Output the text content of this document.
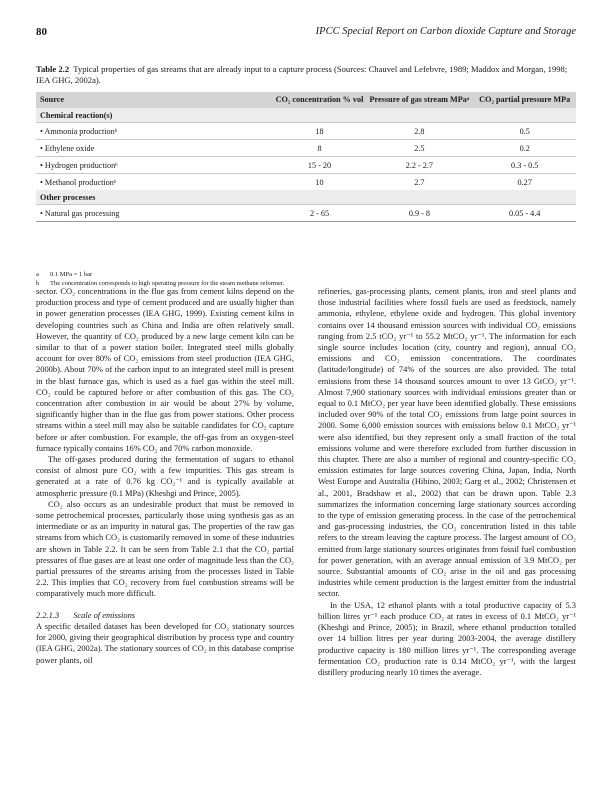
80	IPCC Special Report on Carbon dioxide Capture and Storage
Table 2.2 Typical properties of gas streams that are already input to a capture process (Sources: Chauvel and Lefebvre, 1989; Maddox and Morgan, 1998; IEA GHG, 2002a).
Source	CO₂ concentration % vol	Pressure of gas stream MPaᵃ	CO₂ partial pressure MPa
Chemical reaction(s)			
• Ammonia productionᵇ	18	2.8	0.5
• Ethylene oxide	8	2.5	0.2
• Hydrogen productionᵇ	15 - 20	2.2 - 2.7	0.3 - 0.5
• Methanol productionᵇ	10	2.7	0.27
Other processes			
• Natural gas processing	2 - 65	0.9 - 8	0.05 - 4.4
a	0.1 MPa = 1 bar
b	The concentration corresponds to high operating pressure for the steam methane reformer.

sector. CO₂ concentrations in the flue gas from cement kilns depend on the production process and type of cement produced and are usually higher than in power generation processes (IEA GHG, 1999). Existing cement kilns in developing countries such as China and India are often relatively small. However, the quantity of CO₂ produced by a new large cement kiln can be similar to that of a power station boiler. Integrated steel mills globally account for over 80% of CO₂ emissions from steel production (IEA GHG, 2000b). About 70% of the carbon input to an integrated steel mill is present in the blast furnace gas, which is used as a fuel gas within the steel mill. CO₂ could be captured before or after combustion of this gas. The CO₂ concentration after combustion in air would be about 27% by volume, significantly higher than in the flue gas from power stations. Other process streams within a steel mill may also be suitable candidates for CO₂ capture before or after combustion. For example, the off-gas from an oxygen-steel furnace typically contains 16% CO₂ and 70% carbon monoxide.

The off-gases produced during the fermentation of sugars to ethanol consist of almost pure CO₂ with a few impurities. This gas stream is generated at a rate of 0.76 kg CO₂⁻¹ and is typically available at atmospheric pressure (0.1 MPa) (Kheshgi and Prince, 2005).

CO₂ also occurs as an undesirable product that must be removed in some petrochemical processes, particularly those using synthesis gas as an intermediate or as an impurity in natural gas. The properties of the raw gas streams from which CO₂ is customarily removed in some of these industries are shown in Table 2.2. It can be seen from Table 2.1 that the CO₂ partial pressures of flue gases are at least one order of magnitude less than the CO₂ partial pressures of the streams arising from the processes listed in Table 2.2. This implies that CO₂ recovery from fuel combustion streams will be comparatively much more difficult.

2.2.1.3 Scale of emissions

A specific detailed dataset has been developed for CO₂ stationary sources for 2000, giving their geographical distribution by process type and country (IEA GHG, 2002a). The stationary sources of CO₂ in this database comprise power plants, oil

refineries, gas-processing plants, cement plants, iron and steel plants and those industrial facilities where fossil fuels are used as feedstock, namely ammonia, ethylene, ethylene oxide and hydrogen. This global inventory contains over 14 thousand emission sources with individual CO₂ emissions ranging from 2.5 tCO₂ yr⁻¹ to 55.2 MtCO₂ yr⁻¹. The information for each single source includes location (city, country and region), annual CO₂ emissions and CO₂ emission concentrations. The coordinates (latitude/longitude) of 74% of the sources are also provided. The total emissions from these 14 thousand sources amount to over 13 GtCO₂ yr⁻¹. Almost 7,900 stationary sources with individual emissions greater than or equal to 0.1 MtCO₂ per year have been identified globally. These emissions included over 90% of the total CO₂ emissions from large point sources in 2000. Some 6,000 emission sources with emissions below 0.1 MtCO₂ yr⁻¹ were also identified, but they represent only a small fraction of the total emissions volume and were therefore excluded from further discussion in this chapter. There are also a number of regional and country-specific CO₂ emission estimates for large sources covering China, Japan, India, North West Europe and Australia (Hibino, 2003; Garg et al., 2002; Christensen et al., 2001, Bradshaw et al., 2002) that can be drawn upon. Table 2.3 summarizes the information concerning large stationary sources according to the type of emission generating process. In the case of the petrochemical and gas-processing industries, the CO₂ concentration listed in this table refers to the stream leaving the capture process. The largest amount of CO₂ emitted from large stationary sources originates from fossil fuel combustion for power generation, with an average annual emission of 3.9 MtCO₂ per source. Substantial amounts of CO₂ arise in the oil and gas processing industries while cement production is the largest emitter from the industrial sector.

In the USA, 12 ethanol plants with a total productive capacity of 5.3 billion litres yr⁻¹ each produce CO₂ at rates in excess of 0.1 MtCO₂ yr⁻¹ (Kheshgi and Prince, 2005); in Brazil, where ethanol production totalled over 14 billion litres per year during 2003-2004, the average distillery productive capacity is 180 million litres yr⁻¹. The corresponding average fermentation CO₂ production rate is 0.14 MtCO₂ yr⁻¹, with the largest distillery producing nearly 10 times the average.
